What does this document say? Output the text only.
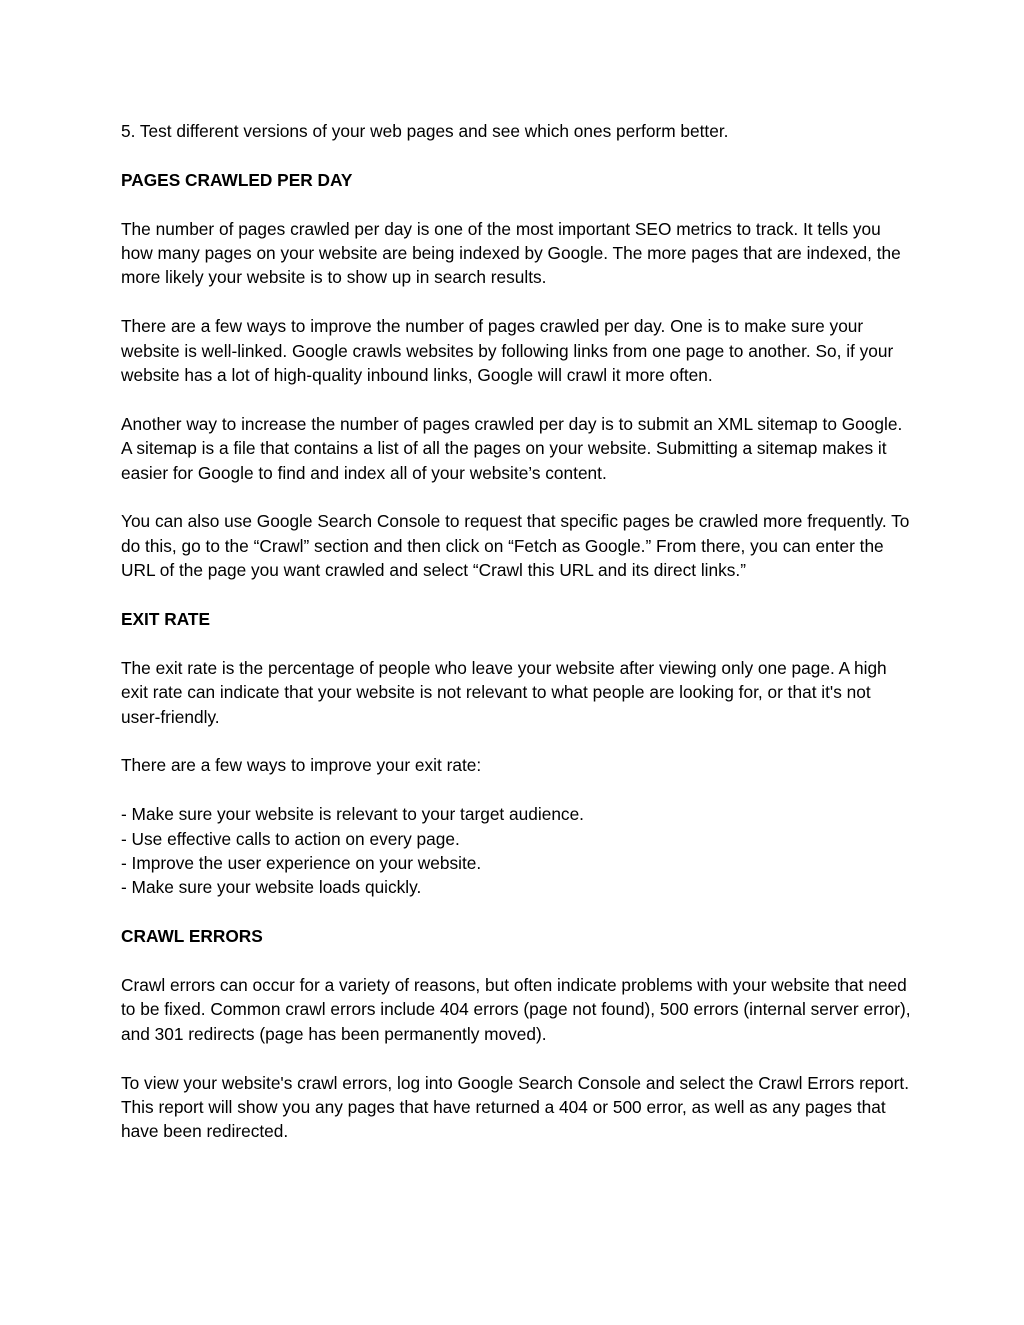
5. Test different versions of your web pages and see which ones perform better.

PAGES CRAWLED PER DAY

The number of pages crawled per day is one of the most important SEO metrics to track. It tells you how many pages on your website are being indexed by Google. The more pages that are indexed, the more likely your website is to show up in search results.

There are a few ways to improve the number of pages crawled per day. One is to make sure your website is well-linked. Google crawls websites by following links from one page to another. So, if your website has a lot of high-quality inbound links, Google will crawl it more often.

Another way to increase the number of pages crawled per day is to submit an XML sitemap to Google. A sitemap is a file that contains a list of all the pages on your website. Submitting a sitemap makes it easier for Google to find and index all of your website’s content.

You can also use Google Search Console to request that specific pages be crawled more frequently. To do this, go to the “Crawl” section and then click on “Fetch as Google.” From there, you can enter the URL of the page you want crawled and select “Crawl this URL and its direct links.”

EXIT RATE

The exit rate is the percentage of people who leave your website after viewing only one page. A high exit rate can indicate that your website is not relevant to what people are looking for, or that it's not user-friendly.

There are a few ways to improve your exit rate:

- Make sure your website is relevant to your target audience.
- Use effective calls to action on every page.
- Improve the user experience on your website.
- Make sure your website loads quickly.
CRAWL ERRORS

Crawl errors can occur for a variety of reasons, but often indicate problems with your website that need to be fixed. Common crawl errors include 404 errors (page not found), 500 errors (internal server error), and 301 redirects (page has been permanently moved).

To view your website's crawl errors, log into Google Search Console and select the Crawl Errors report. This report will show you any pages that have returned a 404 or 500 error, as well as any pages that have been redirected.
